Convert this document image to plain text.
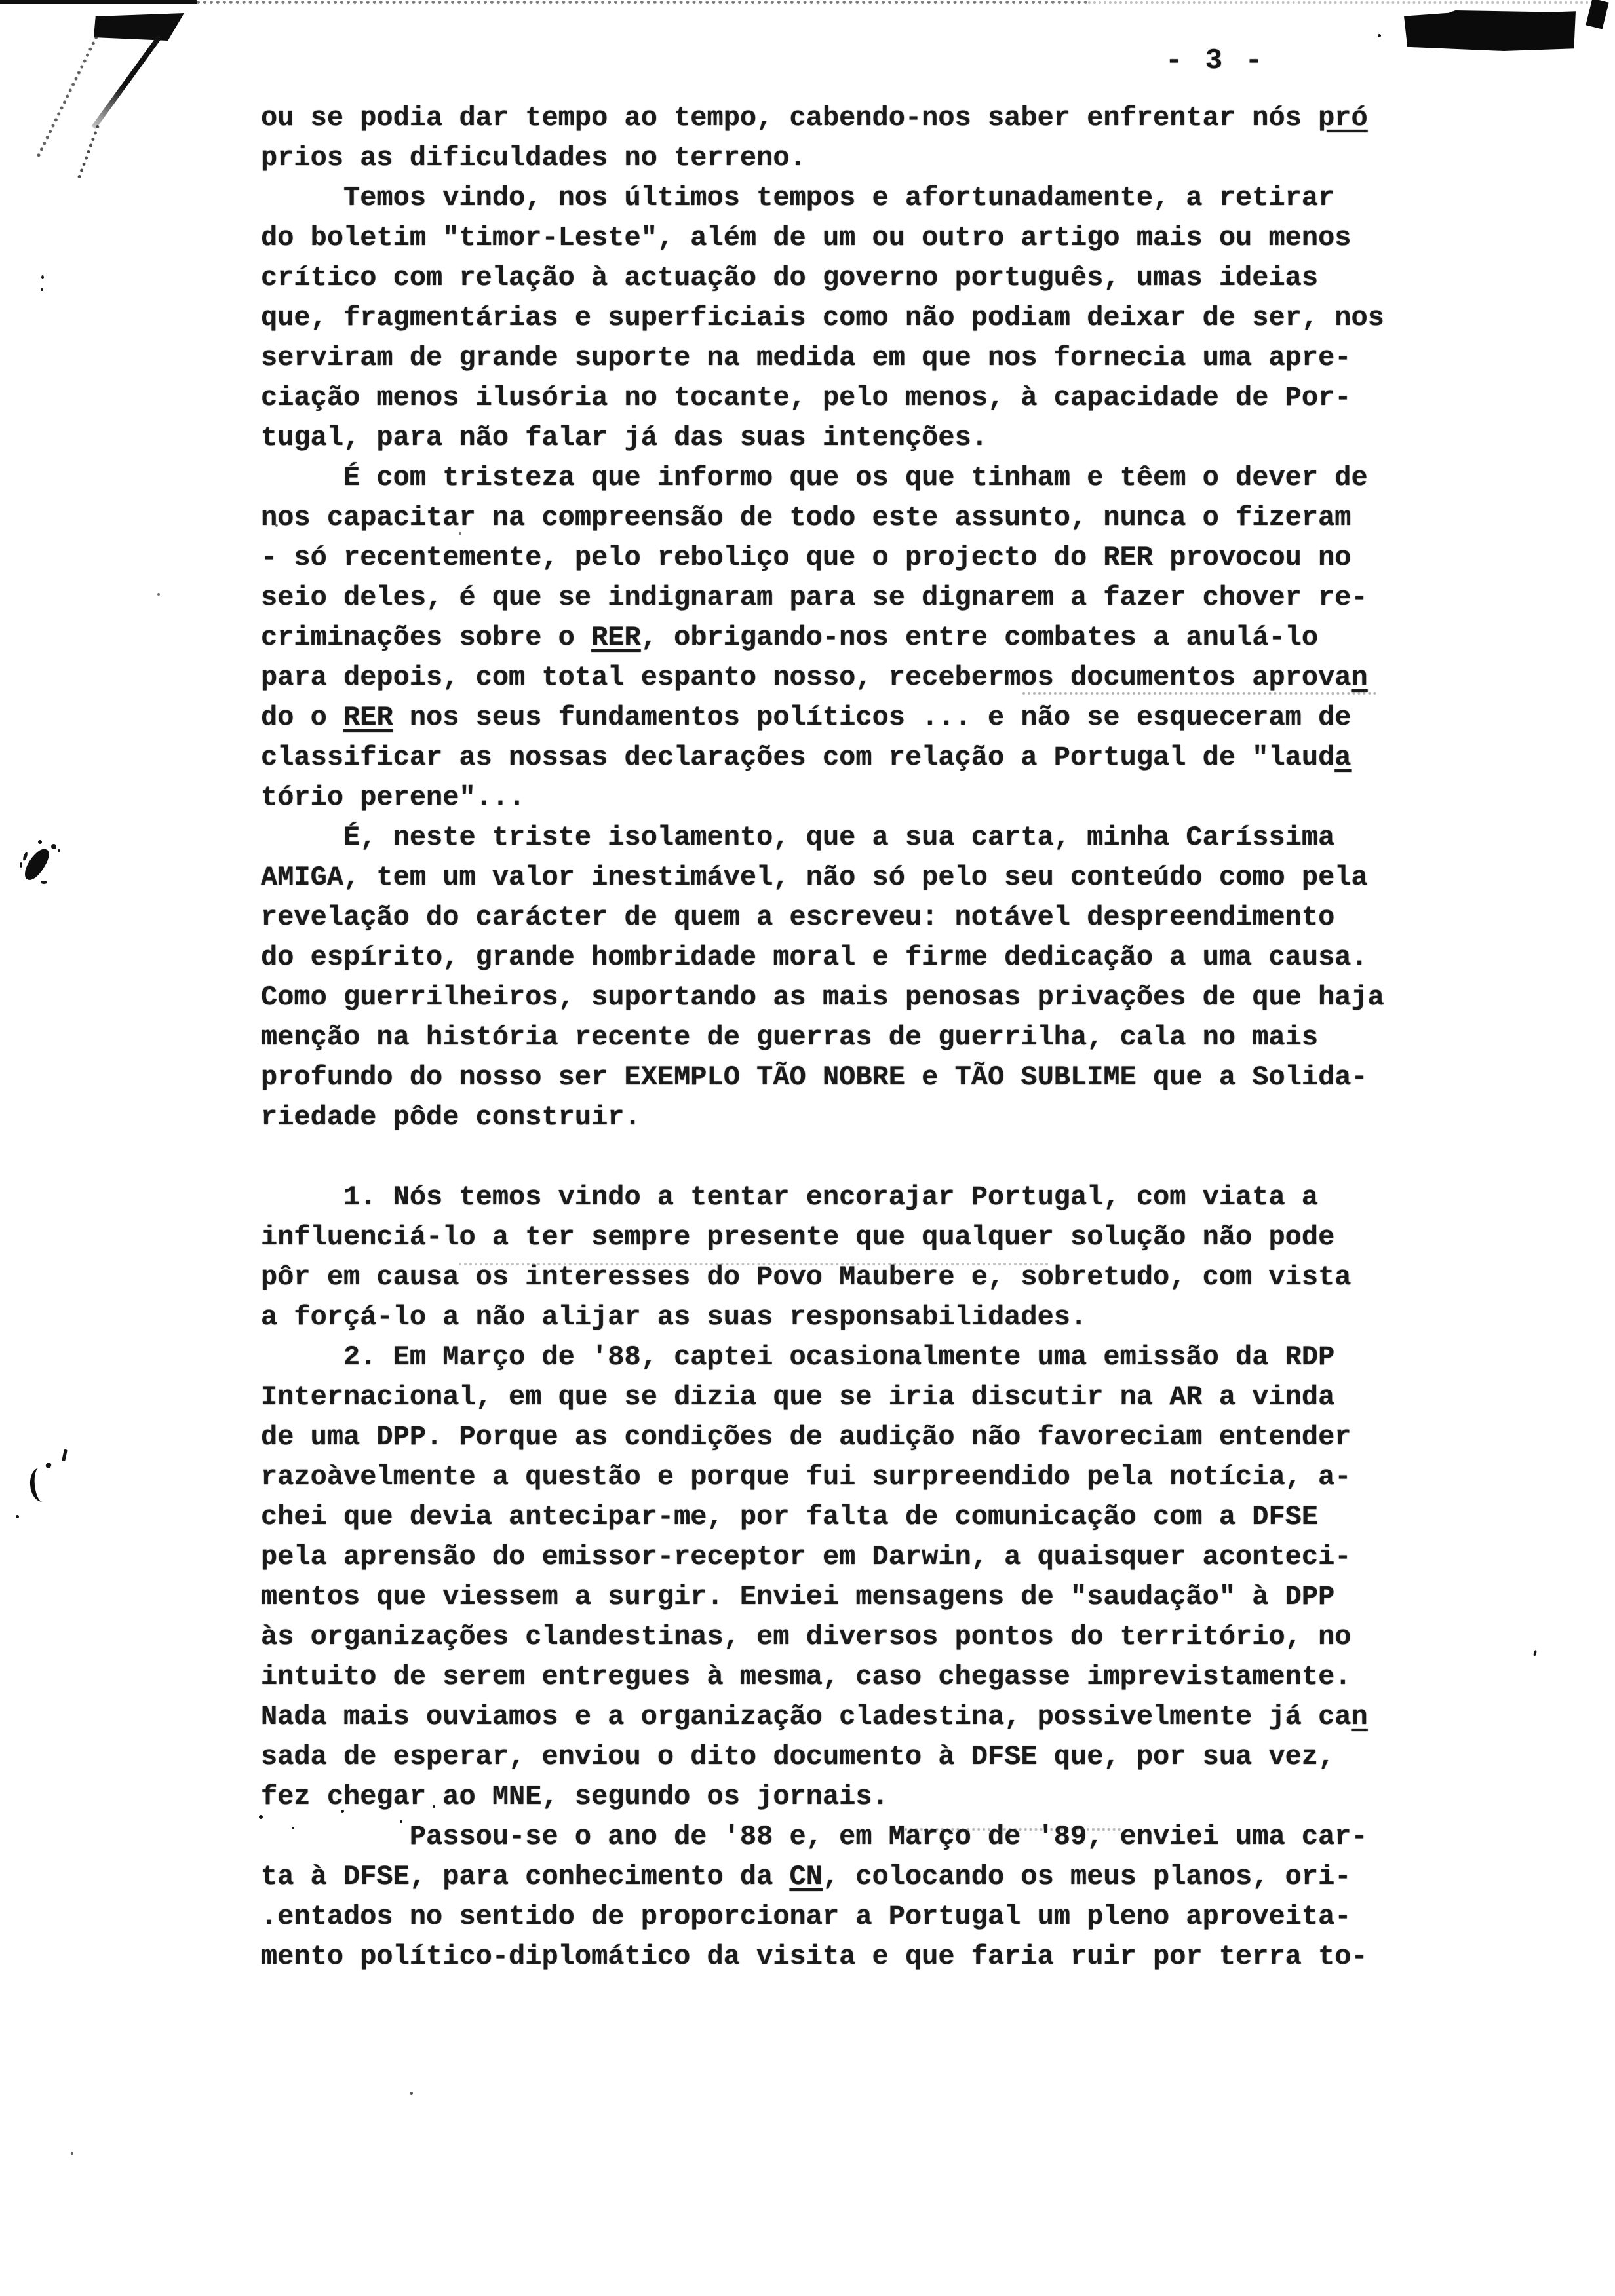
- 3 -
ou se podia dar tempo ao tempo, cabendo-nos saber enfrentar nós pró
prios as dificuldades no terreno.
Temos vindo, nos últimos tempos e afortunadamente, a retirar
do boletim "timor-Leste", além de um ou outro artigo mais ou menos
crítico com relação à actuação do governo português, umas ideias
que, fragmentárias e superficiais como não podiam deixar de ser, nos
serviram de grande suporte na medida em que nos fornecia uma apre-
ciação menos ilusória no tocante, pelo menos, à capacidade de Por-
tugal, para não falar já das suas intenções.
É com tristeza que informo que os que tinham e têem o dever de
nos capacitar na compreensão de todo este assunto, nunca o fizeram
- só recentemente, pelo reboliço que o projecto do RER provocou no
seio deles, é que se indignaram para se dignarem a fazer chover re-
criminações sobre o RER, obrigando-nos entre combates a anulá-lo
para depois, com total espanto nosso, recebermos documentos aprovan
do o RER nos seus fundamentos políticos ... e não se esqueceram de
classificar as nossas declarações com relação a Portugal de "lauda
tório perene"...
É, neste triste isolamento, que a sua carta, minha Caríssima
AMIGA, tem um valor inestimável, não só pelo seu conteúdo como pela
revelação do carácter de quem a escreveu: notável despreendimento
do espírito, grande hombridade moral e firme dedicação a uma causa.
Como guerrilheiros, suportando as mais penosas privações de que haja
menção na história recente de guerras de guerrilha, cala no mais
profundo do nosso ser EXEMPLO TÃO NOBRE e TÃO SUBLIME que a Solida-
riedade pôde construir.

1. Nós temos vindo a tentar encorajar Portugal, com viata a
influenciá-lo a ter sempre presente que qualquer solução não pode
pôr em causa os interesses do Povo Maubere e, sobretudo, com vista
a forçá-lo a não alijar as suas responsabilidades.
2. Em Março de '88, captei ocasionalmente uma emissão da RDP
Internacional, em que se dizia que se iria discutir na AR a vinda
de uma DPP. Porque as condições de audição não favoreciam entender
razoàvelmente a questão e porque fui surpreendido pela notícia, a-
chei que devia antecipar-me, por falta de comunicação com a DFSE
pela aprensão do emissor-receptor em Darwin, a quaisquer aconteci-
mentos que viessem a surgir. Enviei mensagens de "saudação" à DPP
às organizações clandestinas, em diversos pontos do território, no
intuito de serem entregues à mesma, caso chegasse imprevistamente.
Nada mais ouviamos e a organização cladestina, possivelmente já can
sada de esperar, enviou o dito documento à DFSE que, por sua vez,
fez chegar ao MNE, segundo os jornais.
Passou-se o ano de '88 e, em Março de '89, enviei uma car-
ta à DFSE, para conhecimento da CN, colocando os meus planos, ori-
.entados no sentido de proporcionar a Portugal um pleno aproveita-
mento político-diplomático da visita e que faria ruir por terra to-
